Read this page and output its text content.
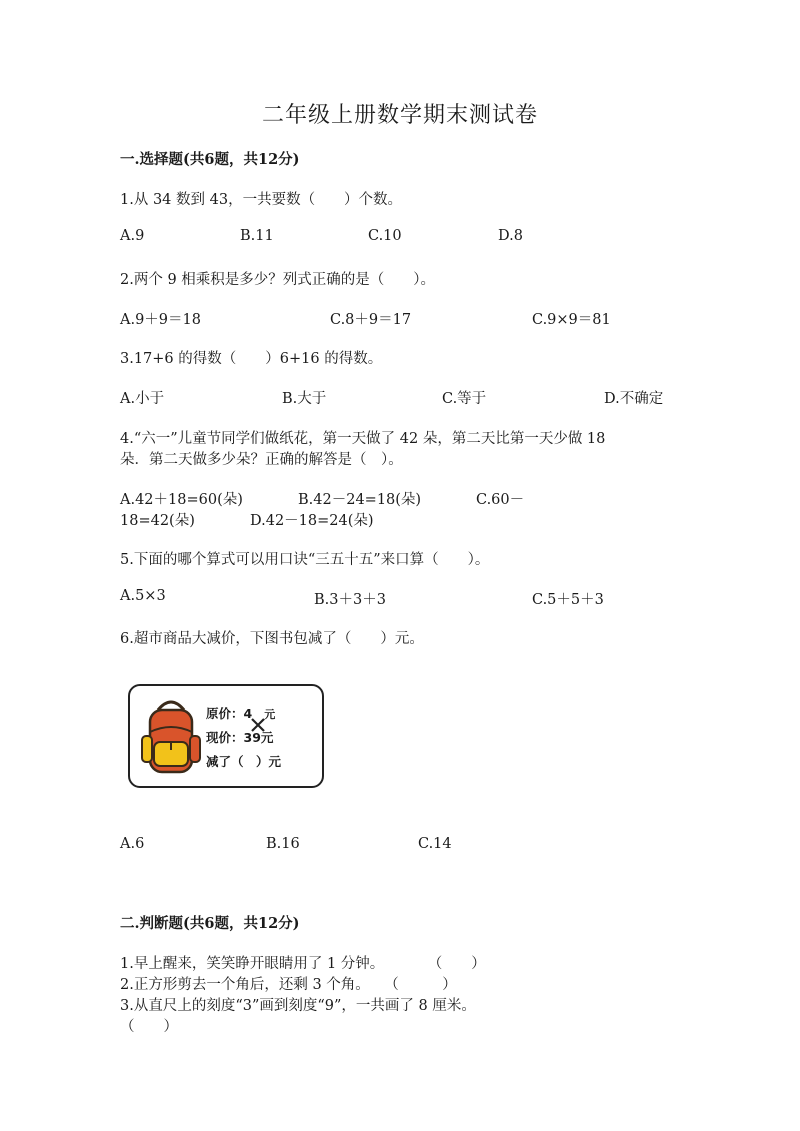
二年级上册数学期末测试卷
一.选择题(共6题，共12分)
1.从 34 数到 43，一共要数（　　）个数。
A.9	B.11	C.10	D.8
2.两个 9 相乘积是多少？列式正确的是（　　）。
A.9＋9＝18	C.8＋9＝17	C.9×9＝81
3.17+6 的得数（　　）6+16 的得数。
A.小于	B.大于	C.等于	D.不确定
4.“六一”儿童节同学们做纸花，第一天做了 42 朵，第二天比第一天少做 18
朵．第二天做多少朵？正确的解答是（　）。
A.42＋18=60(朵)	B.42－24=18(朵)	C.60－
18=42(朵)	D.42－18=24(朵)
5.下面的哪个算式可以用口诀“三五十五”来口算（　　）。
A.5×3	B.3＋3＋3	C.5＋5＋3
6.超市商品大减价，下图书包减了（　　）元。
原价：4 元
现价：39元
减了（　）元
A.6	B.16	C.14
二.判断题(共6题，共12分)
1.早上醒来，笑笑睁开眼睛用了 1 分钟。　　　　（　　）
2.正方形剪去一个角后，还剩 3 个角。　　（　　　）
3.从直尺上的刻度“3”画到刻度“9”，一共画了 8 厘米。
（　　）
